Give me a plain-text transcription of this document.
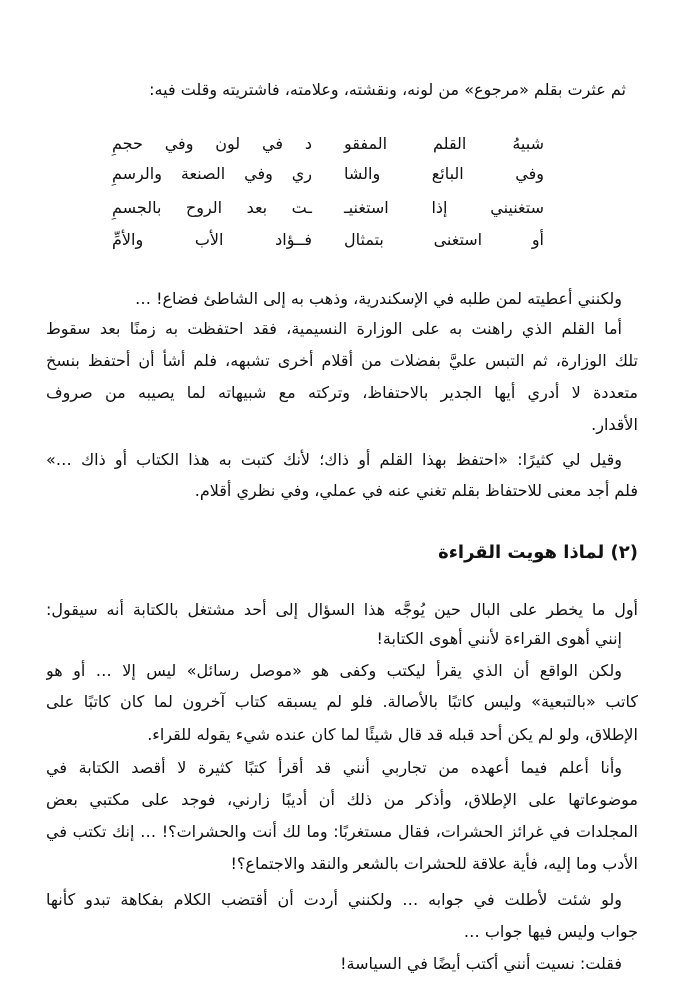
ثم عثرت بقلم «مرجوع» من لونه، ونقشته، وعلامته، فاشتريته وقلت فيه:
شبيهُ القلم المفقو
د في لون وفي حجمِ
وفي البائع والشا
ري وفي الصنعة والرسمِ
ستغنيني إذا استغنيـ
ـت بعد الروح بالجسمِ
أو استغنى بتمثال
فــؤاد الأب والأمِّ
ولكنني أعطيته لمن طلبه في الإسكندرية، وذهب به إلى الشاطئ فضاع! …
أما القلم الذي راهنت به على الوزارة النسيمية، فقد احتفظت به زمنًا بعد سقوط
تلك الوزارة، ثم التبس عليَّ بفضلات من أقلام أخرى تشبهه، فلم أشأ أن أحتفظ بنسخ
متعددة لا أدري أيها الجدير بالاحتفاظ، وتركته مع شبيهاته لما يصيبه من صروف
الأقدار.
وقيل لي كثيرًا: «احتفظ بهذا القلم أو ذاك؛ لأنك كتبت به هذا الكتاب أو ذاك …»
فلم أجد معنى للاحتفاظ بقلم تغني عنه في عملي، وفي نظري أقلام.
(٢) لماذا هويت القراءة
أول ما يخطر على البال حين يُوجَّه هذا السؤال إلى أحد مشتغل بالكتابة أنه سيقول:
إنني أهوى القراءة لأنني أهوى الكتابة!
ولكن الواقع أن الذي يقرأ ليكتب وكفى هو «موصل رسائل» ليس إلا … أو هو
كاتب «بالتبعية» وليس كاتبًا بالأصالة. فلو لم يسبقه كتاب آخرون لما كان كاتبًا على
الإطلاق، ولو لم يكن أحد قبله قد قال شيئًا لما كان عنده شيء يقوله للقراء.
وأنا أعلم فيما أعهده من تجاربي أنني قد أقرأ كتبًا كثيرة لا أقصد الكتابة في
موضوعاتها على الإطلاق، وأذكر من ذلك أن أديبًا زارني، فوجد على مكتبي بعض
المجلدات في غرائز الحشرات، فقال مستغربًا: وما لك أنت والحشرات؟! … إنك تكتب في
الأدب وما إليه، فأية علاقة للحشرات بالشعر والنقد والاجتماع؟!
ولو شئت لأطلت في جوابه … ولكنني أردت أن أقتضب الكلام بفكاهة تبدو كأنها
جواب وليس فيها جواب …
فقلت: نسيت أنني أكتب أيضًا في السياسة!
